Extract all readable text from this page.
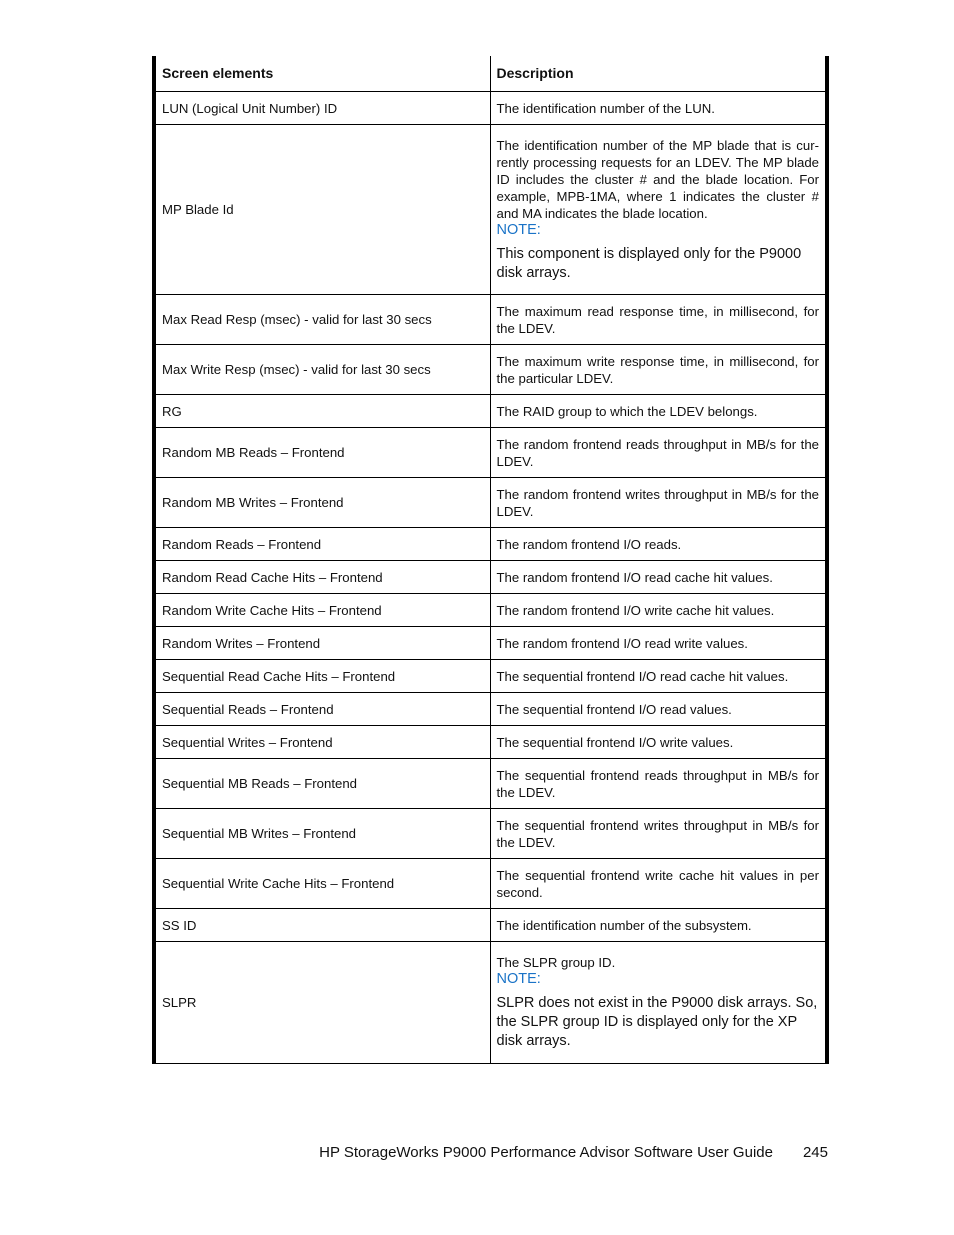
Screen elements	Description
LUN (Logical Unit Number) ID	The identification number of the LUN.
MP Blade Id	The identification number of the MP blade that is cur-rently processing requests for an LDEV. The MP blade ID includes the cluster # and the blade location. For example, MPB-1MA, where 1 indicates the cluster # and MA indicates the blade location.
NOTE:
This component is displayed only for the P9000 disk arrays.

Max Read Resp (msec) - valid for last 30 secs	The maximum read response time, in millisecond, for the LDEV.
Max Write Resp (msec) - valid for last 30 secs	The maximum write response time, in millisecond, for the particular LDEV.
RG	The RAID group to which the LDEV belongs.
Random MB Reads – Frontend	The random frontend reads throughput in MB/s for the LDEV.
Random MB Writes – Frontend	The random frontend writes throughput in MB/s for the LDEV.
Random Reads – Frontend	The random frontend I/O reads.
Random Read Cache Hits – Frontend	The random frontend I/O read cache hit values.
Random Write Cache Hits – Frontend	The random frontend I/O write cache hit values.
Random Writes – Frontend	The random frontend I/O read write values.
Sequential Read Cache Hits – Frontend	The sequential frontend I/O read cache hit values.
Sequential Reads – Frontend	The sequential frontend I/O read values.
Sequential Writes – Frontend	The sequential frontend I/O write values.
Sequential MB Reads – Frontend	The sequential frontend reads throughput in MB/s for the LDEV.
Sequential MB Writes – Frontend	The sequential frontend writes throughput in MB/s for the LDEV.
Sequential Write Cache Hits – Frontend	The sequential frontend write cache hit values in per second.
SS ID	The identification number of the subsystem.
SLPR	The SLPR group ID.
NOTE:
SLPR does not exist in the P9000 disk arrays. So, the SLPR group ID is displayed only for the XP disk arrays.
HP StorageWorks P9000 Performance Advisor Software User Guide 245
